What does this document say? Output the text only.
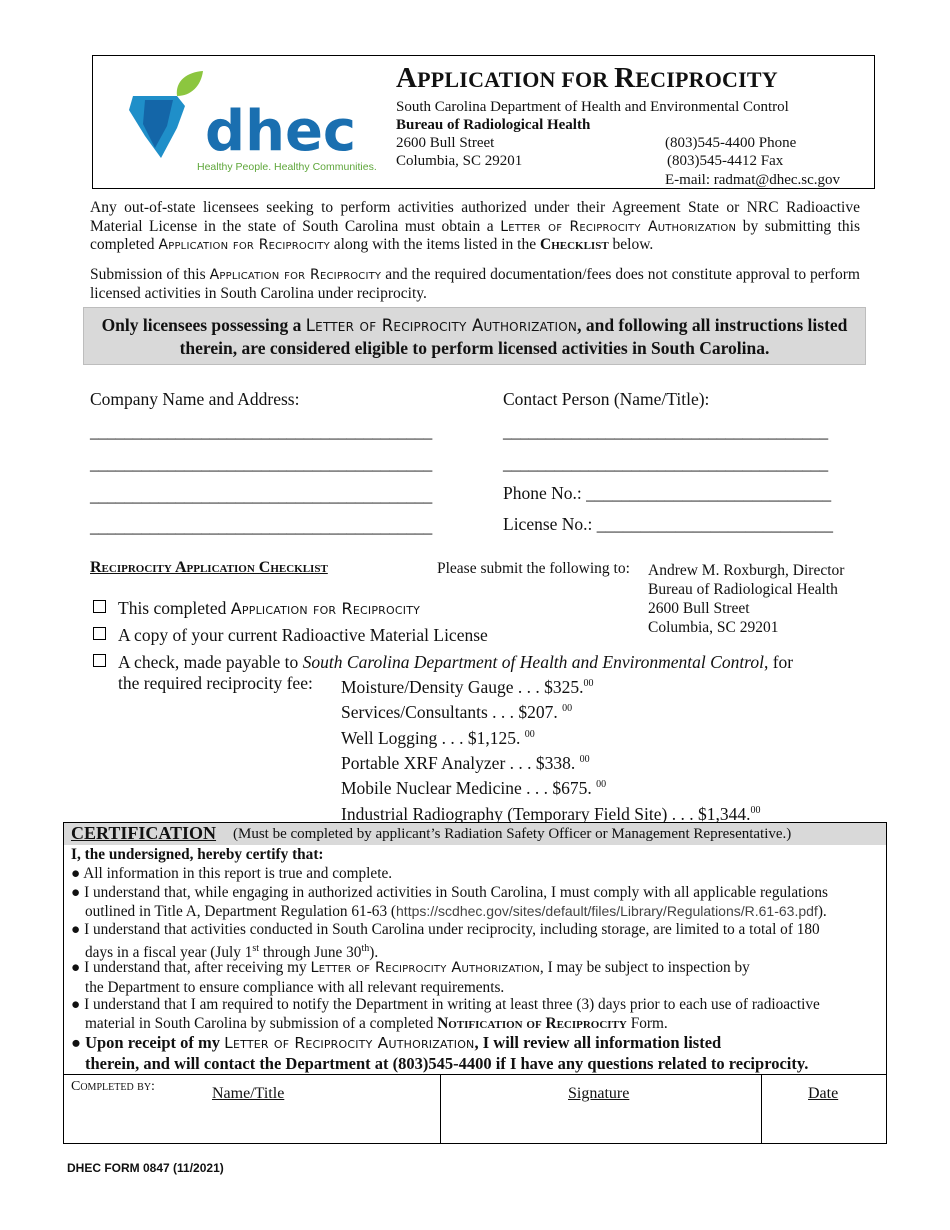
dhec
Healthy People. Healthy Communities.
APPLICATION FOR RECIPROCITY
South Carolina Department of Health and Environmental Control
Bureau of Radiological Health
2600 Bull Street
Columbia, SC 29201
(803)545-4400 Phone
(803)545-4412 Fax
E-mail: radmat@dhec.sc.gov
Any out-of-state licensees seeking to perform activities authorized under their Agreement State or NRC Radioactive Material License in the state of South Carolina must obtain a Letter of Reciprocity Authorization by submitting this completed Application for Reciprocity along with the items listed in the Checklist below.
Submission of this Application for Reciprocity and the required documentation/fees does not constitute approval to perform licensed activities in South Carolina under reciprocity.
Only licensees possessing a Letter of Reciprocity Authorization, and following all instructions listed therein, are considered eligible to perform licensed activities in South Carolina.
Company Name and Address:	Contact Person (Name/Title):
________________________________________
________________________________________
________________________________________
________________________________________
______________________________________
______________________________________
Phone No.: ____________________________
License No.: ___________________________
Reciprocity Application Checklist	Please submit the following to: Andrew M. Roxburgh, Director
Bureau of Radiological Health
2600 Bull Street
Columbia, SC 29201
This completed Application for Reciprocity
A copy of your current Radioactive Material License
A check, made payable to South Carolina Department of Health and Environmental Control, for
the required reciprocity fee: Moisture/Density Gauge . . . $325.00
Services/Consultants . . . $207. $^{00}$
Well Logging . . . $1,125. $^{00}$
Portable XRF Analyzer . . . $338. $^{00}$
Mobile Nuclear Medicine . . . $675. $^{00}$
Industrial Radiography (Temporary Field Site) . . . $1,344.00
CERTIFICATION (Must be completed by applicant’s Radiation Safety Officer or Management Representative.)
I, the undersigned, hereby certify that:
● All information in this report is true and complete.
● I understand that, while engaging in authorized activities in South Carolina, I must comply with all applicable regulations
outlined in Title A, Department Regulation 61-63 (https://scdhec.gov/sites/default/files/Library/Regulations/R.61-63.pdf).
● I understand that activities conducted in South Carolina under reciprocity, including storage, are limited to a total of 180
days in a fiscal year (July 1st through June 30th).
● I understand that, after receiving my Letter of Reciprocity Authorization, I may be subject to inspection by
the Department to ensure compliance with all relevant requirements.
● I understand that I am required to notify the Department in writing at least three (3) days prior to each use of radioactive
material in South Carolina by submission of a completed Notification of Reciprocity Form.
● Upon receipt of my Letter of Reciprocity Authorization, I will review all information listed
therein, and will contact the Department at (803)545-4400 if I have any questions related to reciprocity.
Completed by:	Name/Title	Signature	Date
DHEC FORM 0847 (11/2021)
